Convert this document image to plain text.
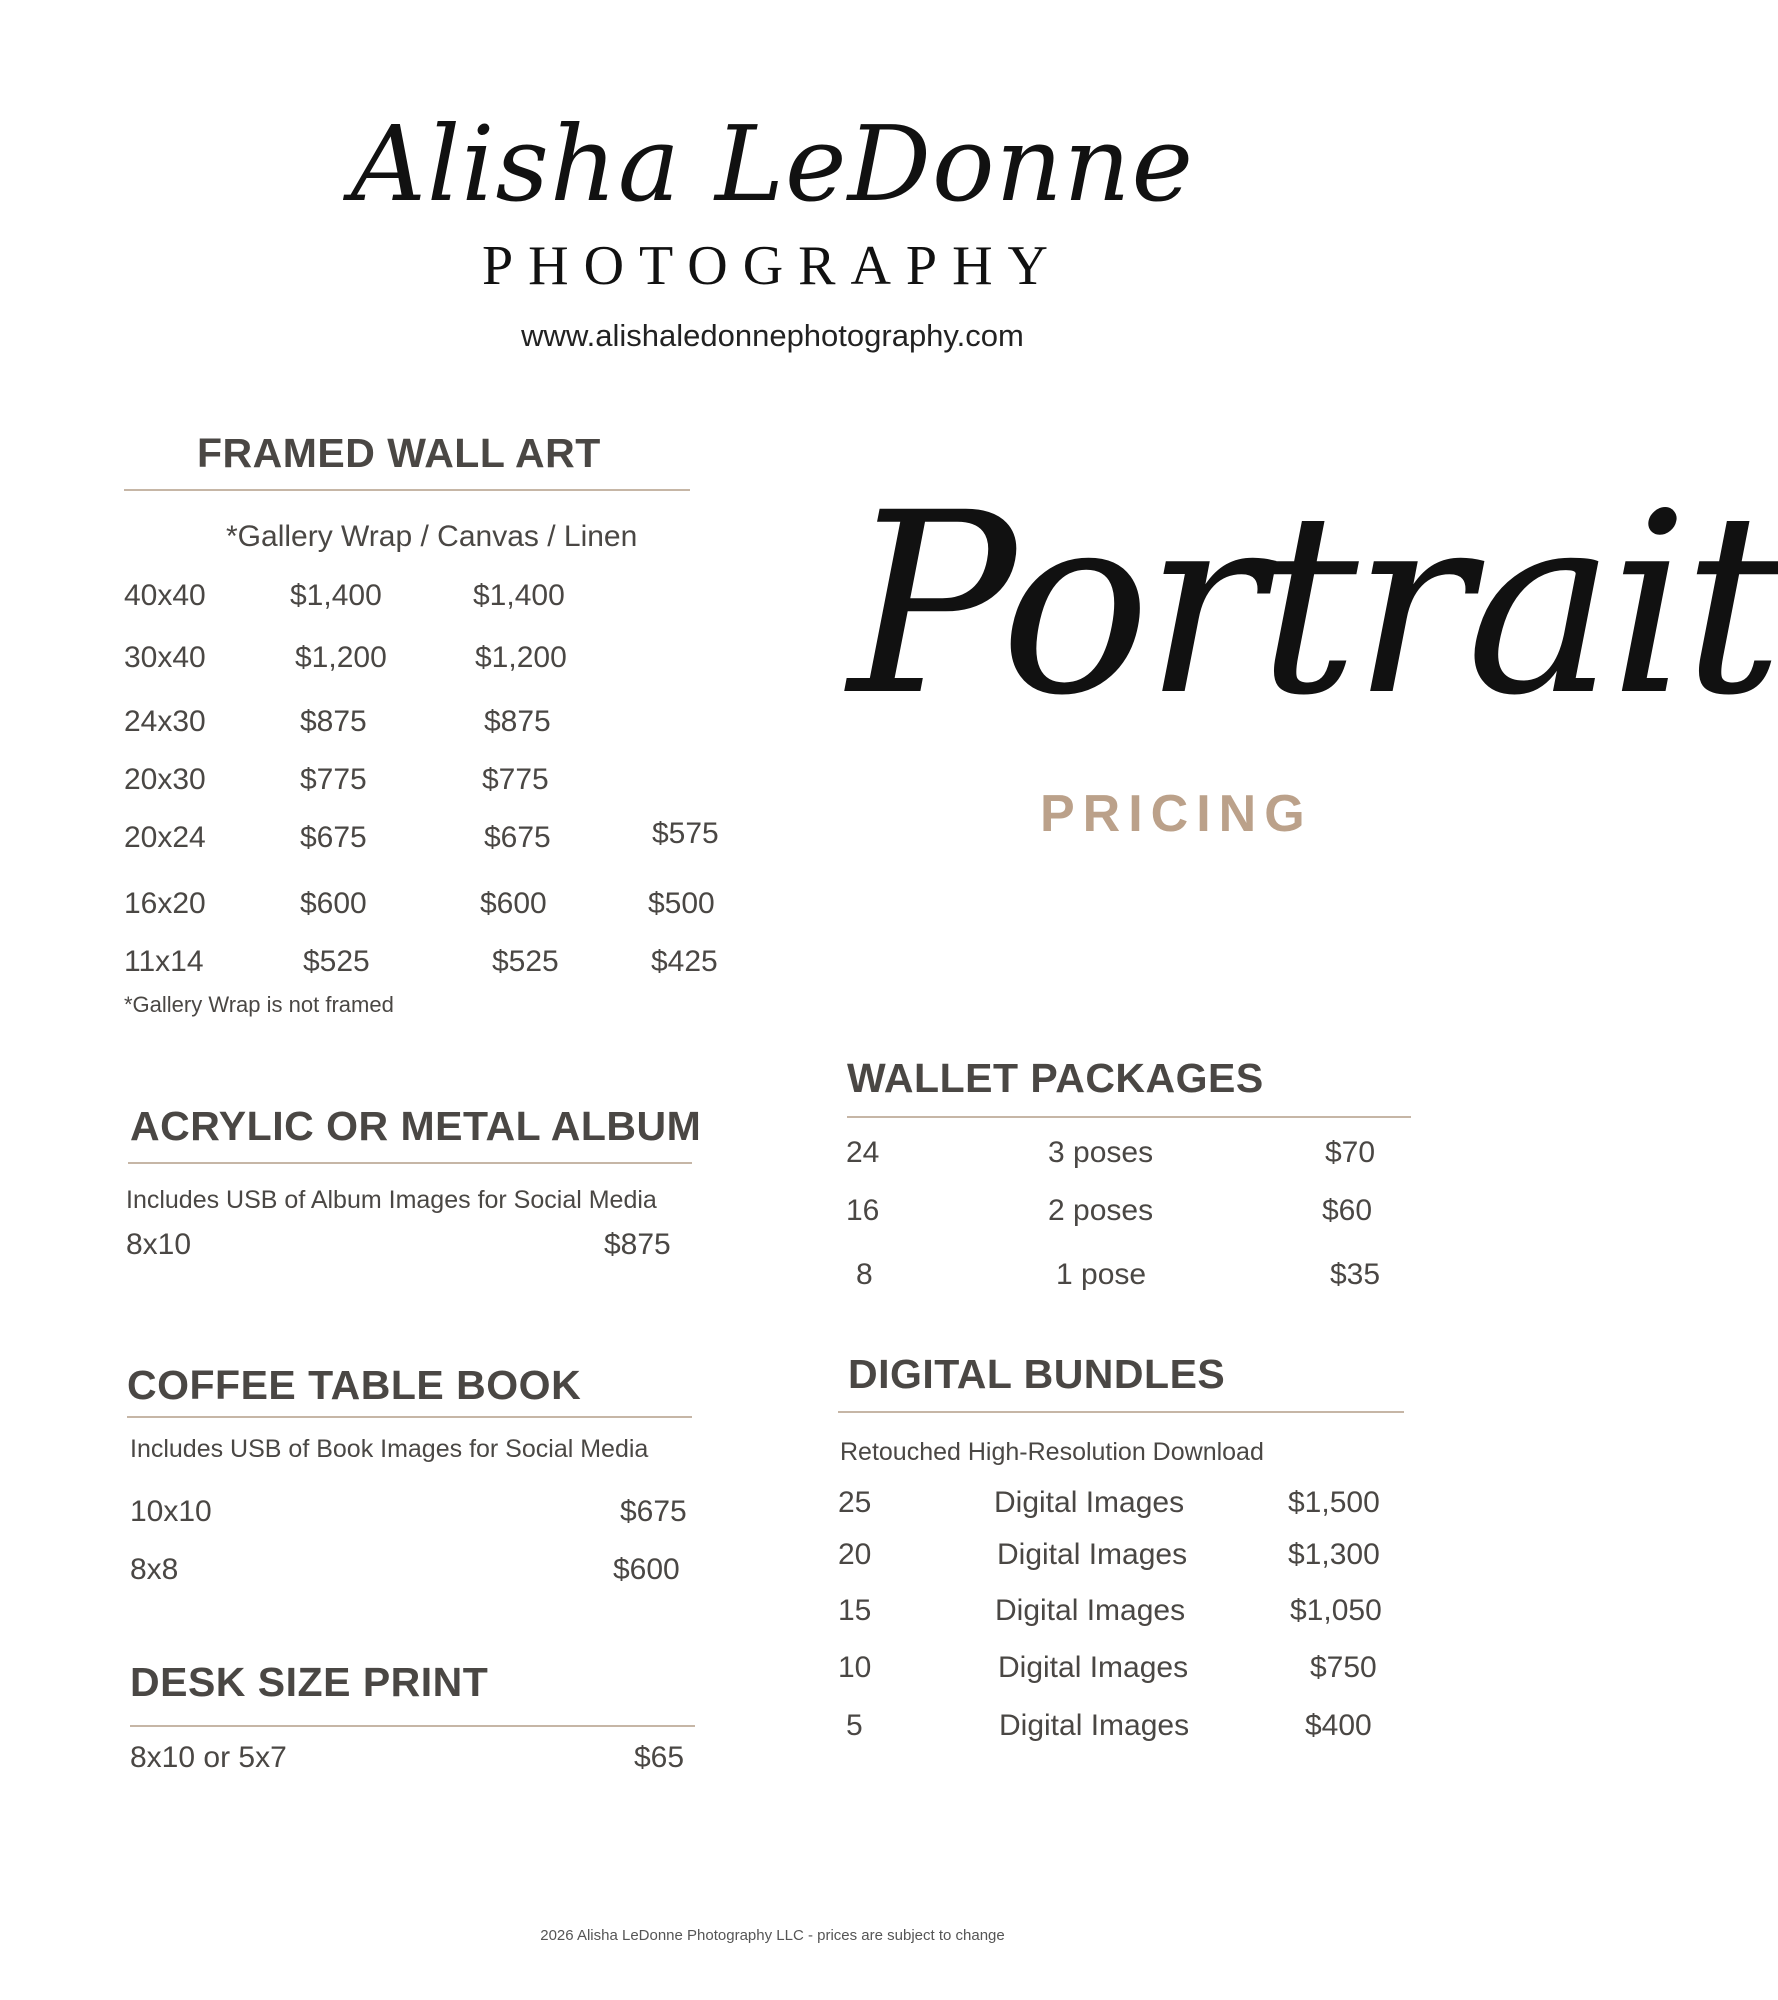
Alisha LeDonne
PHOTOGRAPHY
www.alishaledonnephotography.com
FRAMED WALL ART
*Gallery Wrap / Canvas / Linen
40x40	$1,400	$1,400
30x40	$1,200	$1,200
24x30	$875	$875
20x30	$775	$775
20x24	$675	$675	$575
16x20	$600	$600	$500
11x14	$525	$525	$425
*Gallery Wrap is not framed
Portrait
PRICING
ACRYLIC OR METAL ALBUM
Includes USB of Album Images for Social Media
8x10	$875
COFFEE TABLE BOOK
Includes USB of Book Images for Social Media
10x10	$675
8x8	$600
DESK SIZE PRINT
8x10 or 5x7	$65
WALLET PACKAGES
24	3 poses	$70
16	2 poses	$60
8	1 pose	$35
DIGITAL BUNDLES
Retouched High-Resolution Download
25	Digital Images	$1,500
20	Digital Images	$1,300
15	Digital Images	$1,050
10	Digital Images	$750
5	Digital Images	$400
2026 Alisha LeDonne Photography LLC - prices are subject to change
